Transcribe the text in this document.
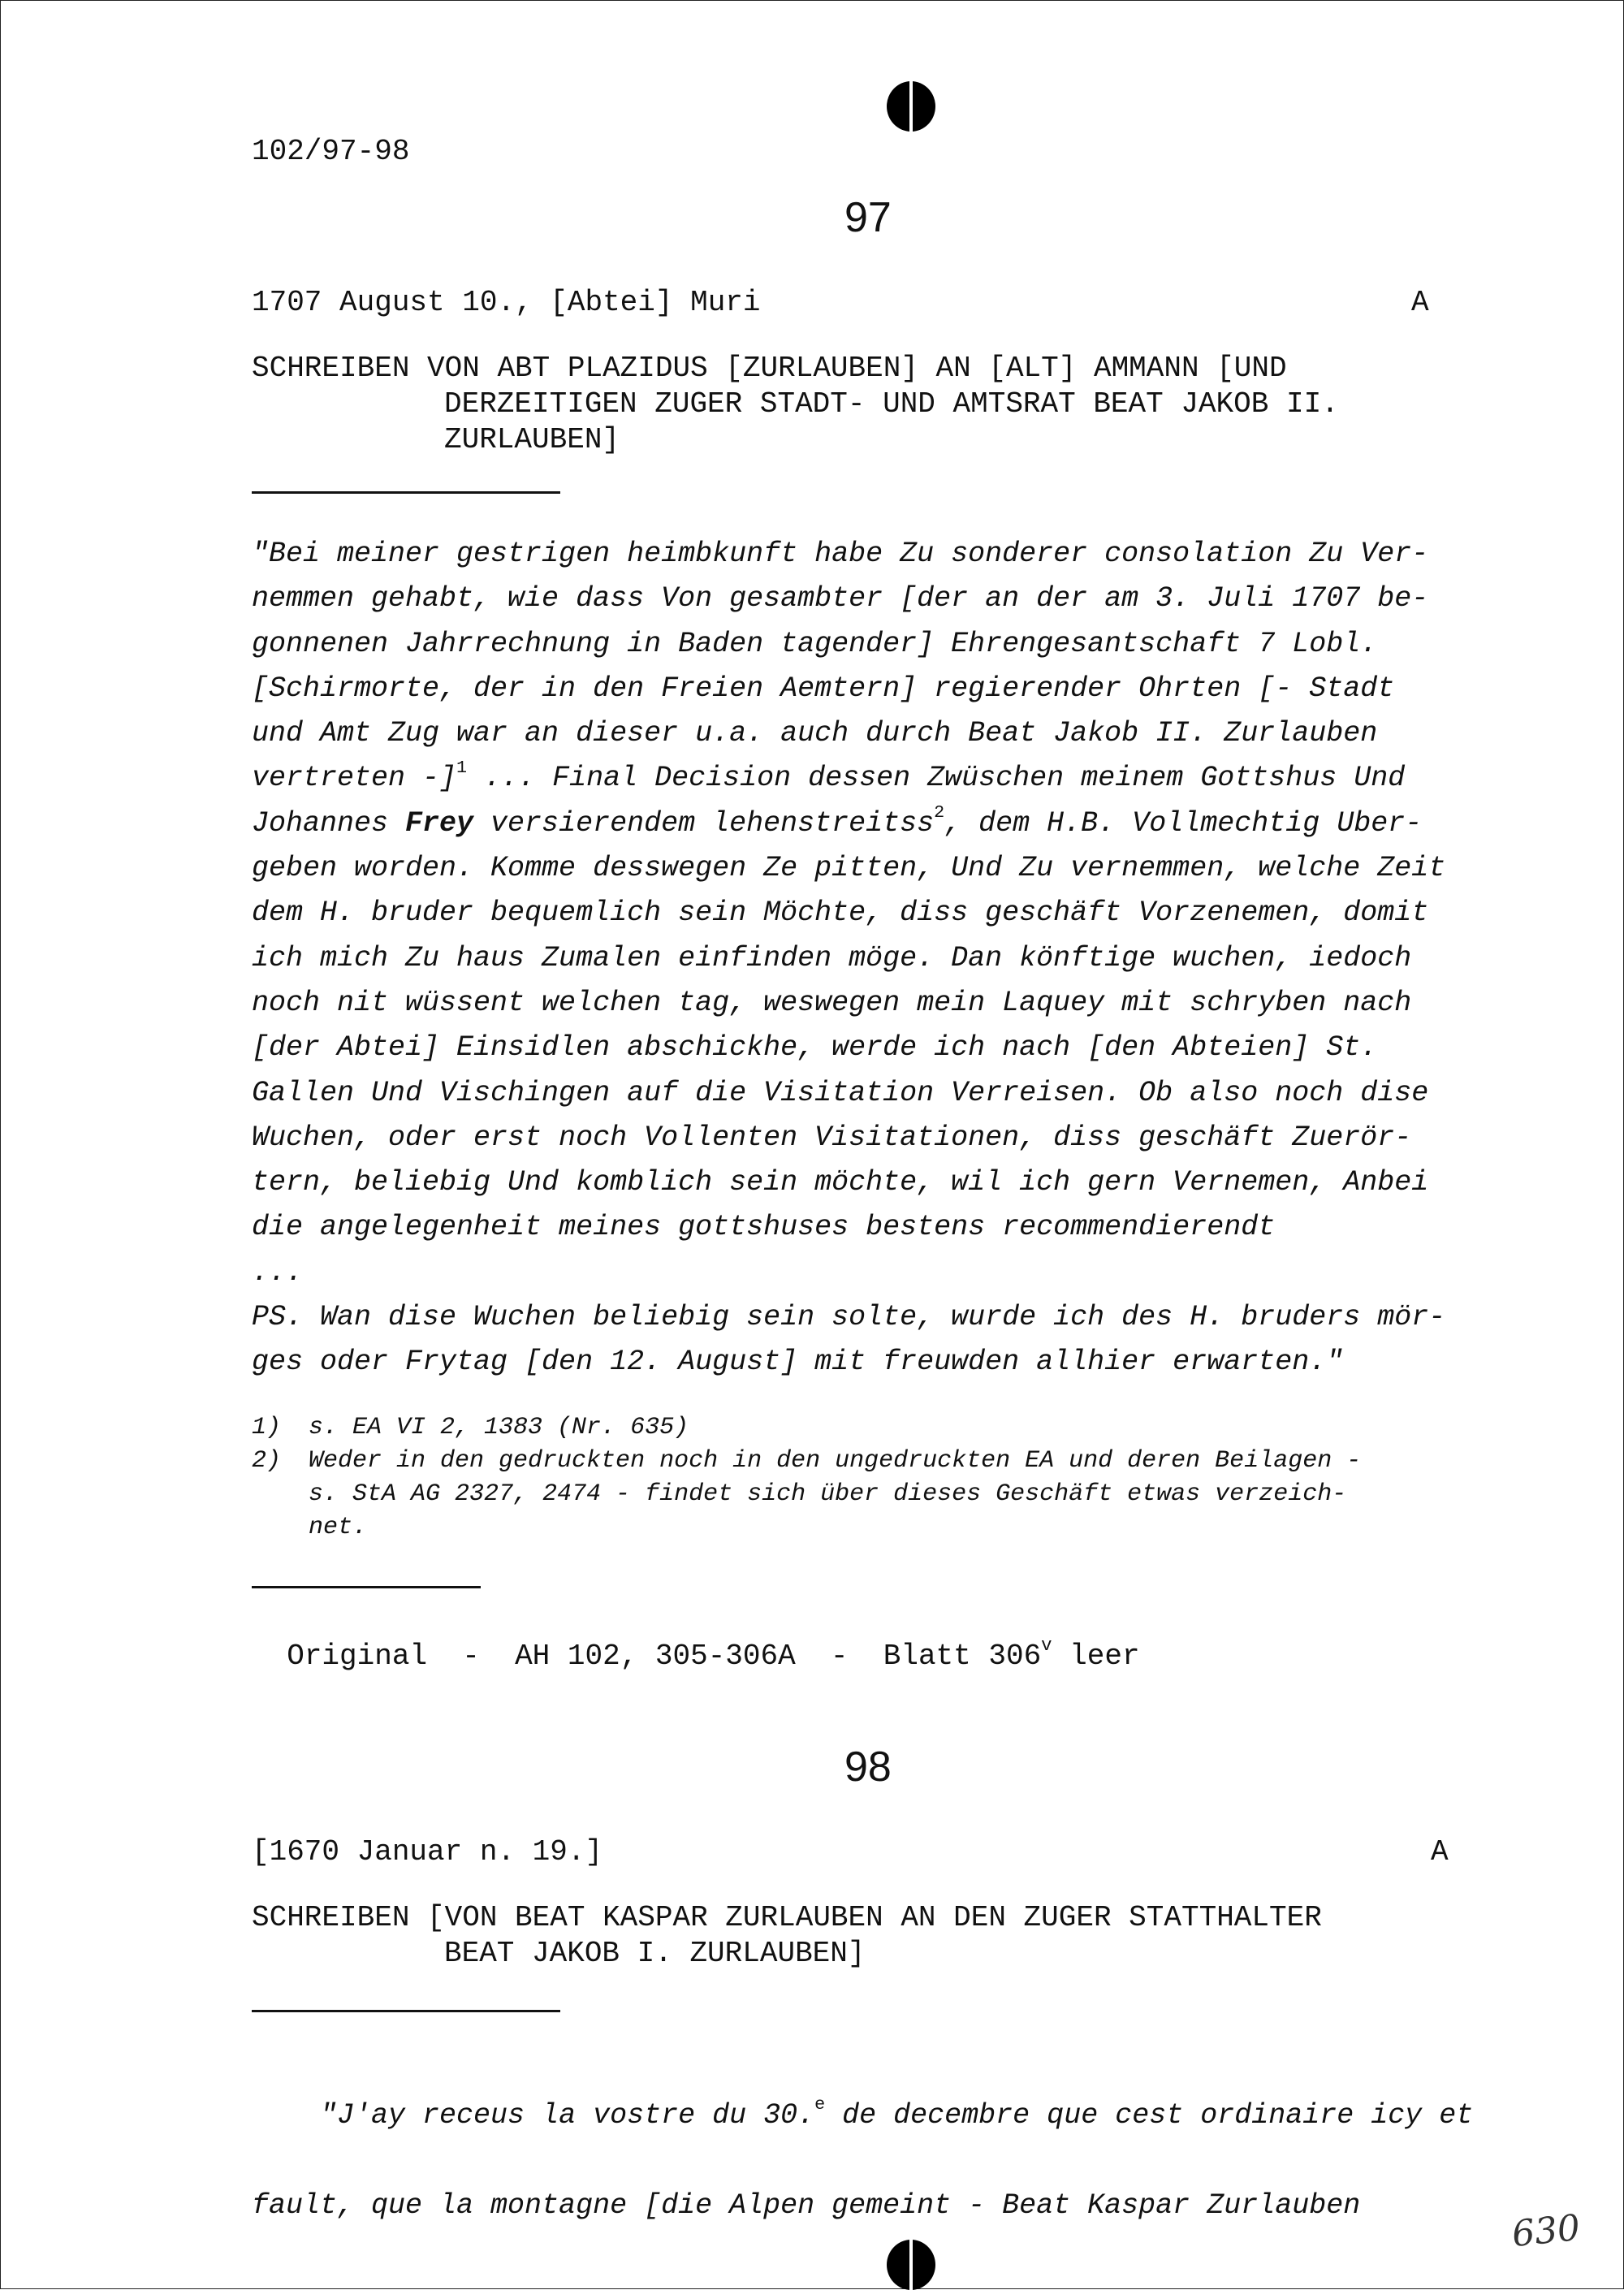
102/97-98
97
1707 August 10., [Abtei] Muri	A
SCHREIBEN VON ABT PLAZIDUS [ZURLAUBEN] AN [ALT] AMMANN [UND
DERZEITIGEN ZUGER STADT- UND AMTSRAT BEAT JAKOB II.
ZURLAUBEN]
"Bei meiner gestrigen heimbkunft habe Zu sonderer consolation Zu Ver-
nemmen gehabt, wie dass Von gesambter [der an der am 3. Juli 1707 be-
gonnenen Jahrrechnung in Baden tagender] Ehrengesantschaft 7 Lobl.
[Schirmorte, der in den Freien Aemtern] regierender Ohrten [- Stadt
und Amt Zug war an dieser u.a. auch durch Beat Jakob II. Zurlauben
vertreten -]$^1$ ... Final Decision dessen Zwüschen meinem Gottshus Und
Johannes Frey versierendem lehenstreitss$^2$, dem H.B. Vollmechtig Uber-
geben worden. Komme desswegen Ze pitten, Und Zu vernemmen, welche Zeit
dem H. bruder bequemlich sein Möchte, diss geschäft Vorzenemen, domit
ich mich Zu haus Zumalen einfinden möge. Dan könftige wuchen, iedoch
noch nit wüssent welchen tag, weswegen mein Laquey mit schryben nach
[der Abtei] Einsidlen abschickhe, werde ich nach [den Abteien] St.
Gallen Und Vischingen auf die Visitation Verreisen. Ob also noch dise
Wuchen, oder erst noch Vollenten Visitationen, diss geschäft Zuerör-
tern, beliebig Und komblich sein möchte, wil ich gern Vernemen, Anbei
die angelegenheit meines gottshuses bestens recommendierendt
...
PS. Wan dise Wuchen beliebig sein solte, wurde ich des H. bruders mör-
ges oder Frytag [den 12. August] mit freuwden allhier erwarten."
1)	s. EA VI 2, 1383 (Nr. 635)
2)	Weder in den gedruckten noch in den ungedruckten EA und deren Beilagen -
s. StA AG 2327, 2474 - findet sich über dieses Geschäft etwas verzeich-
net.

Original  -  AH 102, 305-306A  -  Blatt 306$^v$ leer

98
[1670 Januar n. 19.]	A
SCHREIBEN [VON BEAT KASPAR ZURLAUBEN AN DEN ZUGER STATTHALTER
BEAT JAKOB I. ZURLAUBEN]

"J'ay receus la vostre du 30.$^e$ de decembre que cest ordinaire icy et

fault, que la montagne [die Alpen gemeint - Beat Kaspar Zurlauben
630
